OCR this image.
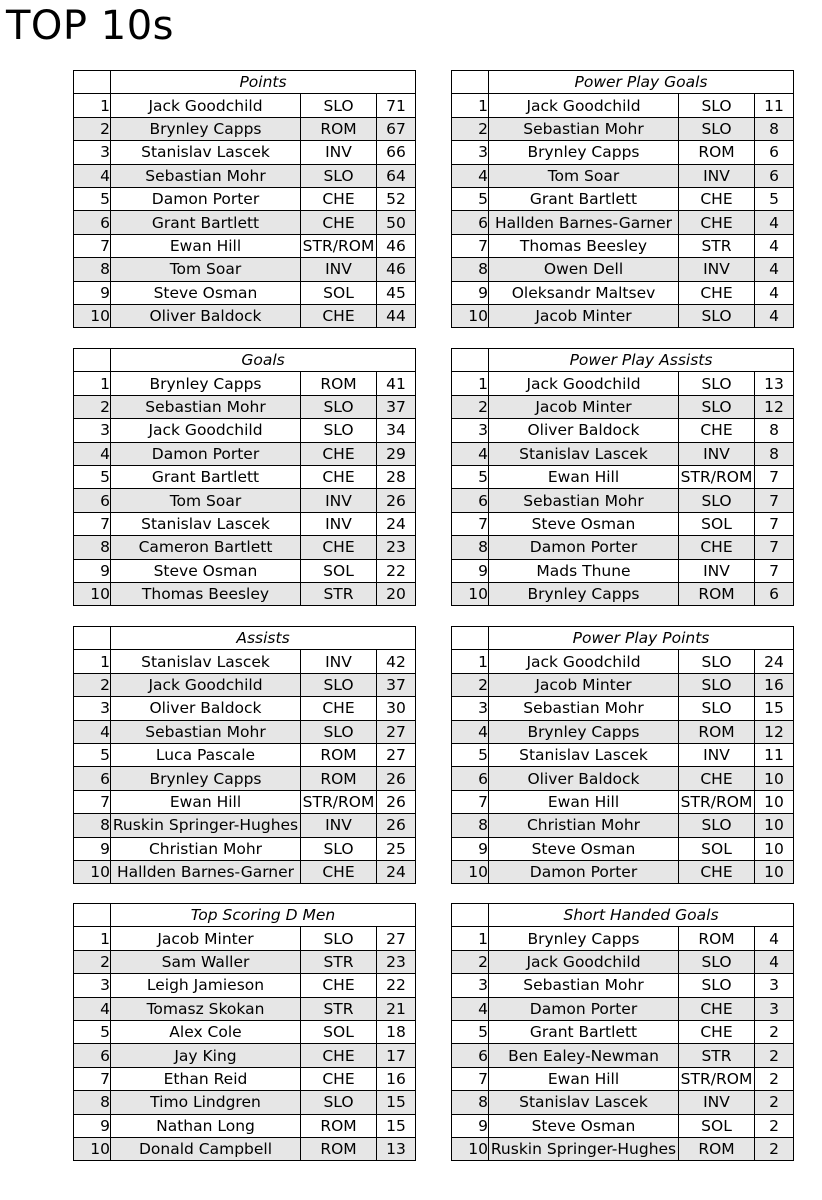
TOP 10s
	Points		
1	Jack Goodchild	SLO	71
2	Brynley Capps	ROM	67
3	Stanislav Lascek	INV	66
4	Sebastian Mohr	SLO	64
5	Damon Porter	CHE	52
6	Grant Bartlett	CHE	50
7	Ewan Hill	STR/ROM	46
8	Tom Soar	INV	46
9	Steve Osman	SOL	45
10	Oliver Baldock	CHE	44
	Power Play Goals		
1	Jack Goodchild	SLO	11
2	Sebastian Mohr	SLO	8
3	Brynley Capps	ROM	6
4	Tom Soar	INV	6
5	Grant Bartlett	CHE	5
6	Hallden Barnes-Garner	CHE	4
7	Thomas Beesley	STR	4
8	Owen Dell	INV	4
9	Oleksandr Maltsev	CHE	4
10	Jacob Minter	SLO	4
	Goals		
1	Brynley Capps	ROM	41
2	Sebastian Mohr	SLO	37
3	Jack Goodchild	SLO	34
4	Damon Porter	CHE	29
5	Grant Bartlett	CHE	28
6	Tom Soar	INV	26
7	Stanislav Lascek	INV	24
8	Cameron Bartlett	CHE	23
9	Steve Osman	SOL	22
10	Thomas Beesley	STR	20
	Power Play Assists		
1	Jack Goodchild	SLO	13
2	Jacob Minter	SLO	12
3	Oliver Baldock	CHE	8
4	Stanislav Lascek	INV	8
5	Ewan Hill	STR/ROM	7
6	Sebastian Mohr	SLO	7
7	Steve Osman	SOL	7
8	Damon Porter	CHE	7
9	Mads Thune	INV	7
10	Brynley Capps	ROM	6
	Assists		
1	Stanislav Lascek	INV	42
2	Jack Goodchild	SLO	37
3	Oliver Baldock	CHE	30
4	Sebastian Mohr	SLO	27
5	Luca Pascale	ROM	27
6	Brynley Capps	ROM	26
7	Ewan Hill	STR/ROM	26
8	Ruskin Springer-Hughes	INV	26
9	Christian Mohr	SLO	25
10	Hallden Barnes-Garner	CHE	24
	Power Play Points		
1	Jack Goodchild	SLO	24
2	Jacob Minter	SLO	16
3	Sebastian Mohr	SLO	15
4	Brynley Capps	ROM	12
5	Stanislav Lascek	INV	11
6	Oliver Baldock	CHE	10
7	Ewan Hill	STR/ROM	10
8	Christian Mohr	SLO	10
9	Steve Osman	SOL	10
10	Damon Porter	CHE	10
	Top Scoring D Men		
1	Jacob Minter	SLO	27
2	Sam Waller	STR	23
3	Leigh Jamieson	CHE	22
4	Tomasz Skokan	STR	21
5	Alex Cole	SOL	18
6	Jay King	CHE	17
7	Ethan Reid	CHE	16
8	Timo Lindgren	SLO	15
9	Nathan Long	ROM	15
10	Donald Campbell	ROM	13
	Short Handed Goals		
1	Brynley Capps	ROM	4
2	Jack Goodchild	SLO	4
3	Sebastian Mohr	SLO	3
4	Damon Porter	CHE	3
5	Grant Bartlett	CHE	2
6	Ben Ealey-Newman	STR	2
7	Ewan Hill	STR/ROM	2
8	Stanislav Lascek	INV	2
9	Steve Osman	SOL	2
10	Ruskin Springer-Hughes	ROM	2
